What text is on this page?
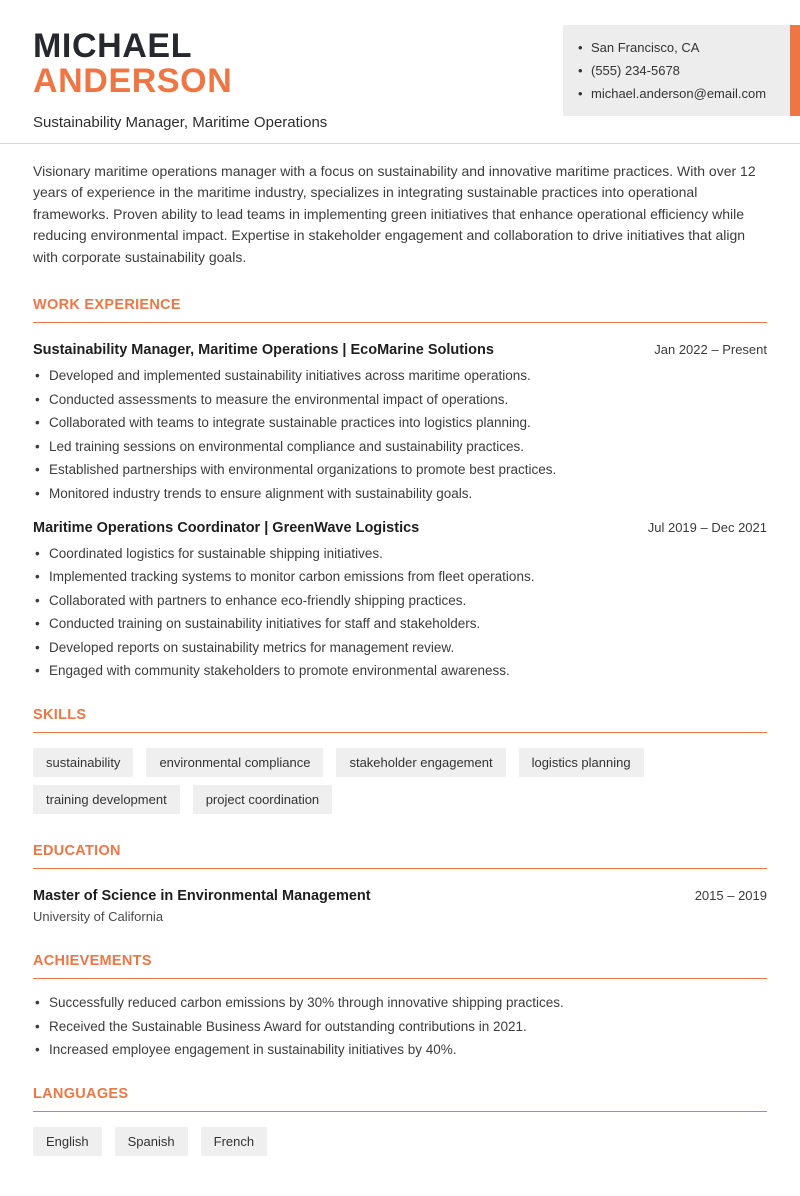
MICHAEL
ANDERSON
Sustainability Manager, Maritime Operations
• San Francisco, CA
• (555) 234-5678
• michael.anderson@email.com

Visionary maritime operations manager with a focus on sustainability and innovative maritime practices. With over 12 years of experience in the maritime industry, specializes in integrating sustainable practices into operational frameworks. Proven ability to lead teams in implementing green initiatives that enhance operational efficiency while reducing environmental impact. Expertise in stakeholder engagement and collaboration to drive initiatives that align with corporate sustainability goals.

WORK EXPERIENCE
Sustainability Manager, Maritime Operations | EcoMarine Solutions	Jan 2022 – Present
• Developed and implemented sustainability initiatives across maritime operations.
• Conducted assessments to measure the environmental impact of operations.
• Collaborated with teams to integrate sustainable practices into logistics planning.
• Led training sessions on environmental compliance and sustainability practices.
• Established partnerships with environmental organizations to promote best practices.
• Monitored industry trends to ensure alignment with sustainability goals.
Maritime Operations Coordinator | GreenWave Logistics	Jul 2019 – Dec 2021
• Coordinated logistics for sustainable shipping initiatives.
• Implemented tracking systems to monitor carbon emissions from fleet operations.
• Collaborated with partners to enhance eco-friendly shipping practices.
• Conducted training on sustainability initiatives for staff and stakeholders.
• Developed reports on sustainability metrics for management review.
• Engaged with community stakeholders to promote environmental awareness.
SKILLS
sustainability	environmental compliance	stakeholder engagement	logistics planning
training development	project coordination
EDUCATION
Master of Science in Environmental Management	2015 – 2019
University of California
ACHIEVEMENTS
• Successfully reduced carbon emissions by 30% through innovative shipping practices.
• Received the Sustainable Business Award for outstanding contributions in 2021.
• Increased employee engagement in sustainability initiatives by 40%.
LANGUAGES
English	Spanish	French
